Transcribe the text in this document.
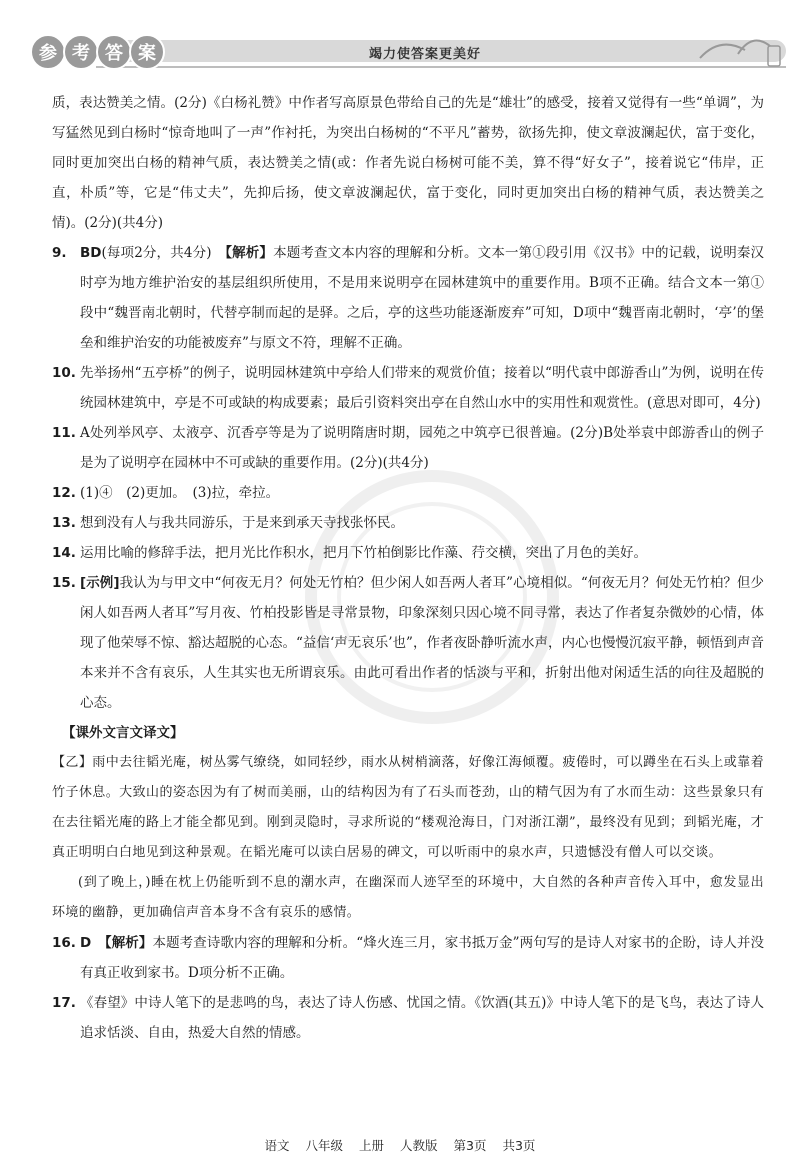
参 考 答 案	竭力使答案更美好

质，表达赞美之情。(2分)《白杨礼赞》中作者写高原景色带给自己的先是“雄壮”的感受，接着又觉得有一些“单调”，为写猛然见到白杨时“惊奇地叫了一声”作衬托，为突出白杨树的“不平凡”蓄势，欲扬先抑，使文章波澜起伏，富于变化，同时更加突出白杨的精神气质，表达赞美之情(或：作者先说白杨树可能不美，算不得“好女子”，接着说它“伟岸，正直，朴质”等，它是“伟丈夫”，先抑后扬，使文章波澜起伏，富于变化，同时更加突出白杨的精神气质，表达赞美之情)。(2分)(共4分)

9. BD(每项2分，共4分)　 【解析】本题考查文本内容的理解和分析。文本一第①段引用《汉书》中的记载，说明秦汉时亭为地方维护治安的基层组织所使用，不是用来说明亭在园林建筑中的重要作用。B项不正确。结合文本一第①段中“魏晋南北朝时，代替亭制而起的是驿。之后，亭的这些功能逐渐废弃”可知，D项中“魏晋南北朝时，‘亭’的堡垒和维护治安的功能被废弃”与原文不符，理解不正确。
10. 先举扬州“五亭桥”的例子，说明园林建筑中亭给人们带来的观赏价值；接着以“明代袁中郎游香山”为例，说明在传统园林建筑中，亭是不可或缺的构成要素；最后引资料突出亭在自然山水中的实用性和观赏性。(意思对即可，4分)
11. A处列举风亭、太液亭、沉香亭等是为了说明隋唐时期，园苑之中筑亭已很普遍。(2分)B处举袁中郎游香山的例子是为了说明亭在园林中不可或缺的重要作用。(2分)(共4分)
12. (1)④　(2)更加。　(3)拉，牵拉。
13. 想到没有人与我共同游乐，于是来到承天寺找张怀民。
14. 运用比喻的修辞手法，把月光比作积水，把月下竹柏倒影比作藻、荇交横，突出了月色的美好。
15. [示例]我认为与甲文中“何夜无月？何处无竹柏？但少闲人如吾两人者耳”心境相似。“何夜无月？何处无竹柏？但少闲人如吾两人者耳”写月夜、竹柏投影皆是寻常景物，印象深刻只因心境不同寻常，表达了作者复杂微妙的心情，体现了他荣辱不惊、豁达超脱的心态。“益信‘声无哀乐’也”，作者夜卧静听流水声，内心也慢慢沉寂平静，顿悟到声音本来并不含有哀乐，人生其实也无所谓哀乐。由此可看出作者的恬淡与平和，折射出他对闲适生活的向往及超脱的心态。

【课外文言文译文】

【乙】雨中去往韬光庵，树丛雾气缭绕，如同轻纱，雨水从树梢滴落，好像江海倾覆。疲倦时，可以蹲坐在石头上或靠着竹子休息。大致山的姿态因为有了树而美丽，山的结构因为有了石头而苍劲，山的精气因为有了水而生动：这些景象只有在去往韬光庵的路上才能全都见到。刚到灵隐时，寻求所说的“楼观沧海日，门对浙江潮”，最终没有见到；到韬光庵，才真正明明白白地见到这种景观。在韬光庵可以读白居易的碑文，可以听雨中的泉水声，只遗憾没有僧人可以交谈。

(到了晚上，)睡在枕上仍能听到不息的潮水声，在幽深而人迹罕至的环境中，大自然的各种声音传入耳中，愈发显出环境的幽静，更加确信声音本身不含有哀乐的感情。

16. D　 【解析】本题考查诗歌内容的理解和分析。“烽火连三月，家书抵万金”两句写的是诗人对家书的企盼，诗人并没有真正收到家书。D项分析不正确。
17. 《春望》中诗人笔下的是悲鸣的鸟，表达了诗人伤感、忧国之情。《饮酒(其五)》中诗人笔下的是飞鸟，表达了诗人追求恬淡、自由，热爱大自然的情感。
语文 八年级 上册 人教版 第3页 共3页
